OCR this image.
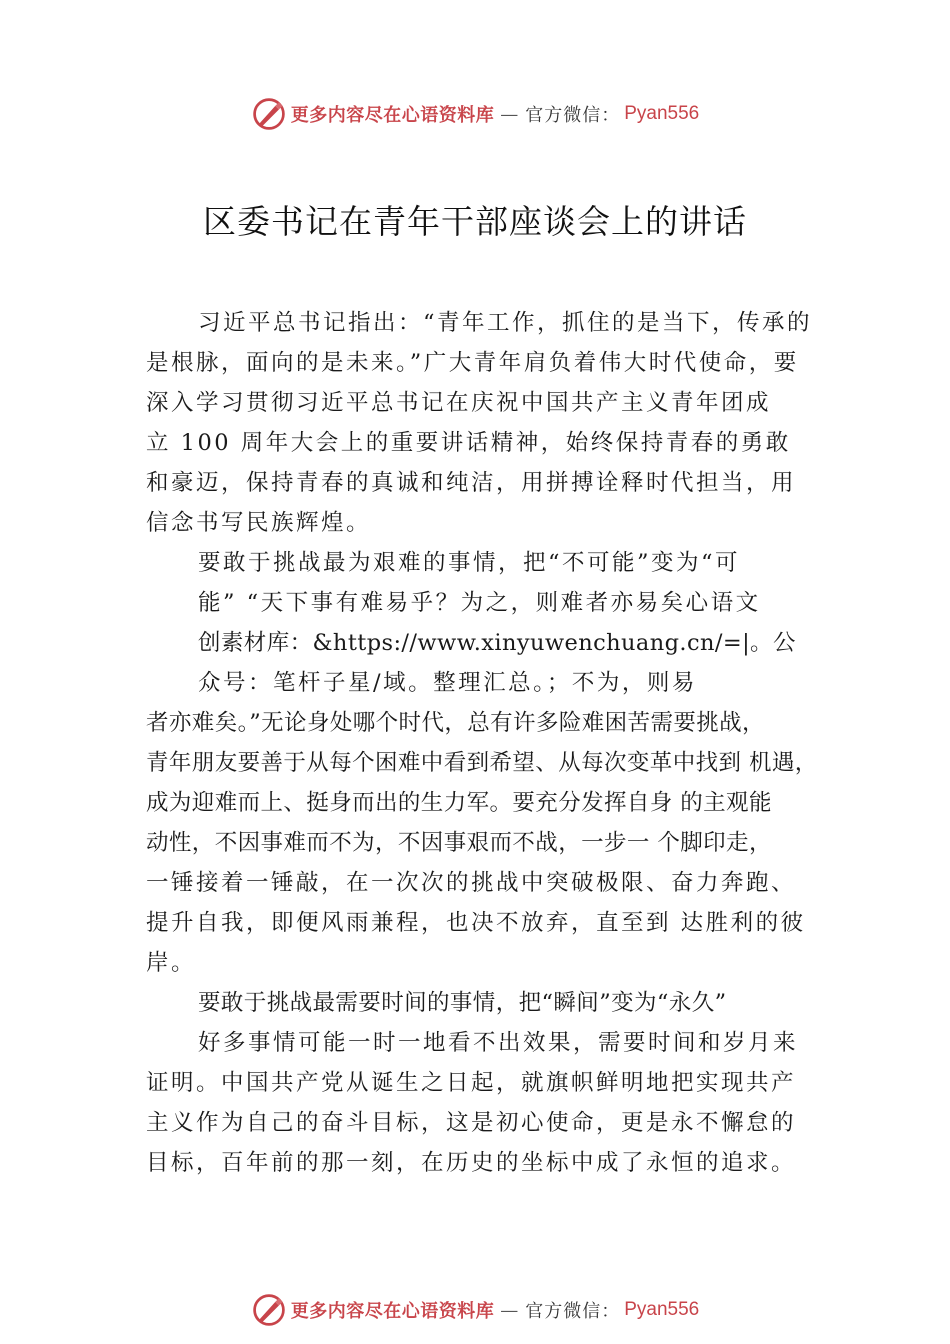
更多内容尽在心语资料库 — 官方微信： Pyan556
区委书记在青年干部座谈会上的讲话
习近平总书记指出：“青年工作，抓住的是当下，传承的
是根脉，面向的是未来。”广大青年肩负着伟大时代使命，要
深入学习贯彻习近平总书记在庆祝中国共产主义青年团成
立 100 周年大会上的重要讲话精神，始终保持青春的勇敢
和豪迈，保持青春的真诚和纯洁，用拼搏诠释时代担当，用
信念书写民族辉煌。
要敢于挑战最为艰难的事情，把“不可能”变为“可
能” “天下事有难易乎？为之，则难者亦易矣心语文
创素材库：&https://www.xinyuwenchuang.cn/=|。公
众号：笔杆子星/域。整理汇总。；不为，则易
者亦难矣。”无论身处哪个时代，总有许多险难困苦需要挑战，
青年朋友要善于从每个困难中看到希望、从每次变革中找到 机遇，
成为迎难而上、挺身而出的生力军。要充分发挥自身 的主观能
动性，不因事难而不为，不因事艰而不战，一步一 个脚印走，
一锤接着一锤敲，在一次次的挑战中突破极限、奋力奔跑、
提升自我，即便风雨兼程，也决不放弃，直至到 达胜利的彼
岸。
要敢于挑战最需要时间的事情，把“瞬间”变为“永久”
好多事情可能一时一地看不出效果，需要时间和岁月来
证明。中国共产党从诞生之日起，就旗帜鲜明地把实现共产
主义作为自己的奋斗目标，这是初心使命，更是永不懈怠的
目标，百年前的那一刻，在历史的坐标中成了永恒的追求。
更多内容尽在心语资料库 — 官方微信： Pyan556
